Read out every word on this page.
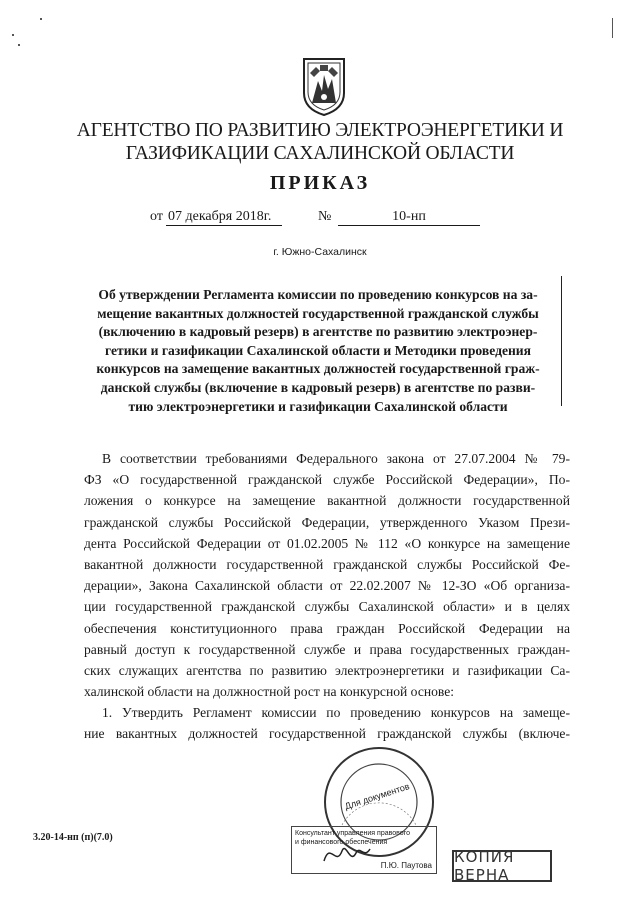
АГЕНТСТВО ПО РАЗВИТИЮ ЭЛЕКТРОЭНЕРГЕТИКИ И
ГАЗИФИКАЦИИ САХАЛИНСКОЙ ОБЛАСТИ
ПРИКАЗ
от 07 декабря 2018г.	№	10-нп
г. Южно-Сахалинск
Об утверждении Регламента комиссии по проведению конкурсов на за-
мещение вакантных должностей государственной гражданской службы
(включению в кадровый резерв) в агентстве по развитию электроэнер-
гетики и газификации Сахалинской области и Методики проведения
конкурсов на замещение вакантных должностей государственной граж-
данской службы (включение в кадровый резерв) в агентстве по разви-
тию электроэнергетики и газификации Сахалинской области
В соответствии требованиями Федерального закона от 27.07.2004 № 79-
ФЗ «О государственной гражданской службе Российской Федерации», По-
ложения о конкурсе на замещение вакантной должности государственной
гражданской службы Российской Федерации, утвержденного Указом Прези-
дента Российской Федерации от 01.02.2005 № 112 «О конкурсе на замещение
вакантной должности государственной гражданской службы Российской Фе-
дерации», Закона Сахалинской области от 22.02.2007 № 12-ЗО «Об организа-
ции государственной гражданской службы Сахалинской области» и в целях
обеспечения конституционного права граждан Российской Федерации на
равный доступ к государственной службе и права государственных граждан-
ских служащих агентства по развитию электроэнергетики и газификации Са-
халинской области на должностной рост на конкурсной основе:
1. Утвердить Регламент комиссии по проведению конкурсов на замеще-
ние вакантных должностей государственной гражданской службы (включе-
Для документов
Консультант управления правового
и финансового обеспечения
П.Ю. Паутова КОПИЯ ВЕРНА
3.20-14-нп (п)(7.0)
